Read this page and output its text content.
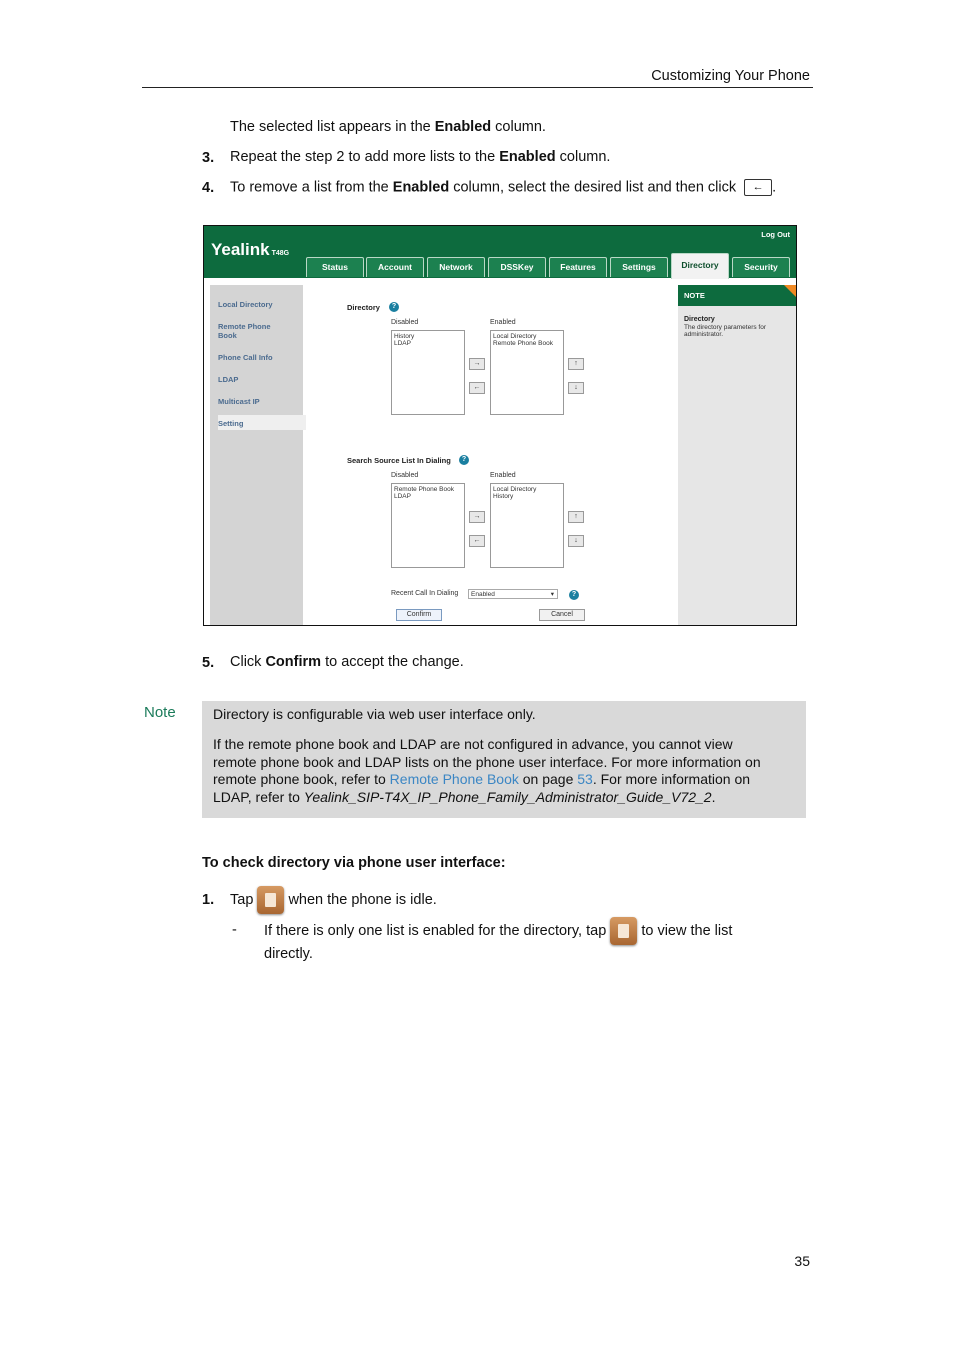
Customizing Your Phone
The selected list appears in the Enabled column.
3. Repeat the step 2 to add more lists to the Enabled column.
4. To remove a list from the Enabled column, select the desired list and then click ← .
Yealink T48G
Log Out
Status	Account	Network	DSSKey	Features	Settings	Directory	Security
Local Directory
Remote Phone Book
Phone Call Info
LDAP
Multicast IP
Setting
Directory	?
Disabled	Enabled
History
LDAP
Local Directory
Remote Phone Book
→
←
↑
↓
Search Source List In Dialing	?
Disabled	Enabled
Remote Phone Book
LDAP
Local Directory
History
→
←
↑
↓
Recent Call In Dialing	Enabled	▾	?
Confirm	Cancel
NOTE
Directory
The directory parameters for administrator.
5. Click Confirm to accept the change.
Note	Directory is configurable via web user interface only.
If the remote phone book and LDAP are not configured in advance, you cannot view
remote phone book and LDAP lists on the phone user interface. For more information on
remote phone book, refer to Remote Phone Book on page 53. For more information on
LDAP, refer to Yealink_SIP-T4X_IP_Phone_Family_Administrator_Guide_V72_2.
To check directory via phone user interface:
1. Tap when the phone is idle.
- If there is only one list is enabled for the directory, tap to view the list
directly.
35
